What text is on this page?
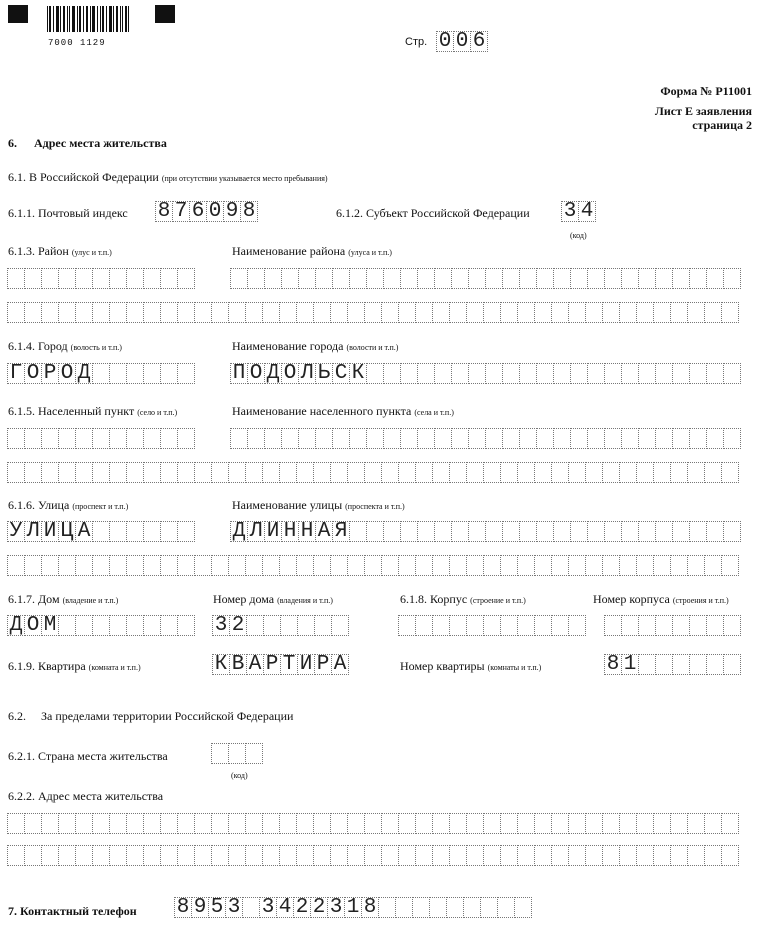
7000 1129	Стр. 0 0 6
Форма № Р11001
Лист Е заявления
страница 2
6. Адрес места жительства
6.1. В Российской Федерации (при отсутствии указывается место пребывания)
6.1.1. Почтовый индекс 8 7 6 0 9 8	6.1.2. Субъект Российской Федерации 3 4
(код)
6.1.3. Район (улус и т.п.)	Наименование района (улуса и т.п.)
6.1.4. Город (волость и т.п.)	Наименование города (волости и т.п.)
Г О Р О Д	П О Д О Л Ь С К
6.1.5. Населенный пункт (село и т.п.)	Наименование населенного пункта (села и т.п.)
6.1.6. Улица (проспект и т.п.)	Наименование улицы (проспекта и т.п.)
У Л И Ц А	Д Л И Н Н А Я
6.1.7. Дом (владение и т.п.)	Номер дома (владения и т.п.)	6.1.8. Корпус (строение и т.п.)	Номер корпуса (строения и т.п.)
Д О М	3 2
6.1.9. Квартира (комната и т.п.)	К В А Р Т И Р А	Номер квартиры (комнаты и т.п.)	8 1
6.2. За пределами территории Российской Федерации
6.2.1. Страна места жительства
(код)
6.2.2. Адрес места жительства
7. Контактный телефон 8 9 5 3 3 4 2 2 3 1 8
